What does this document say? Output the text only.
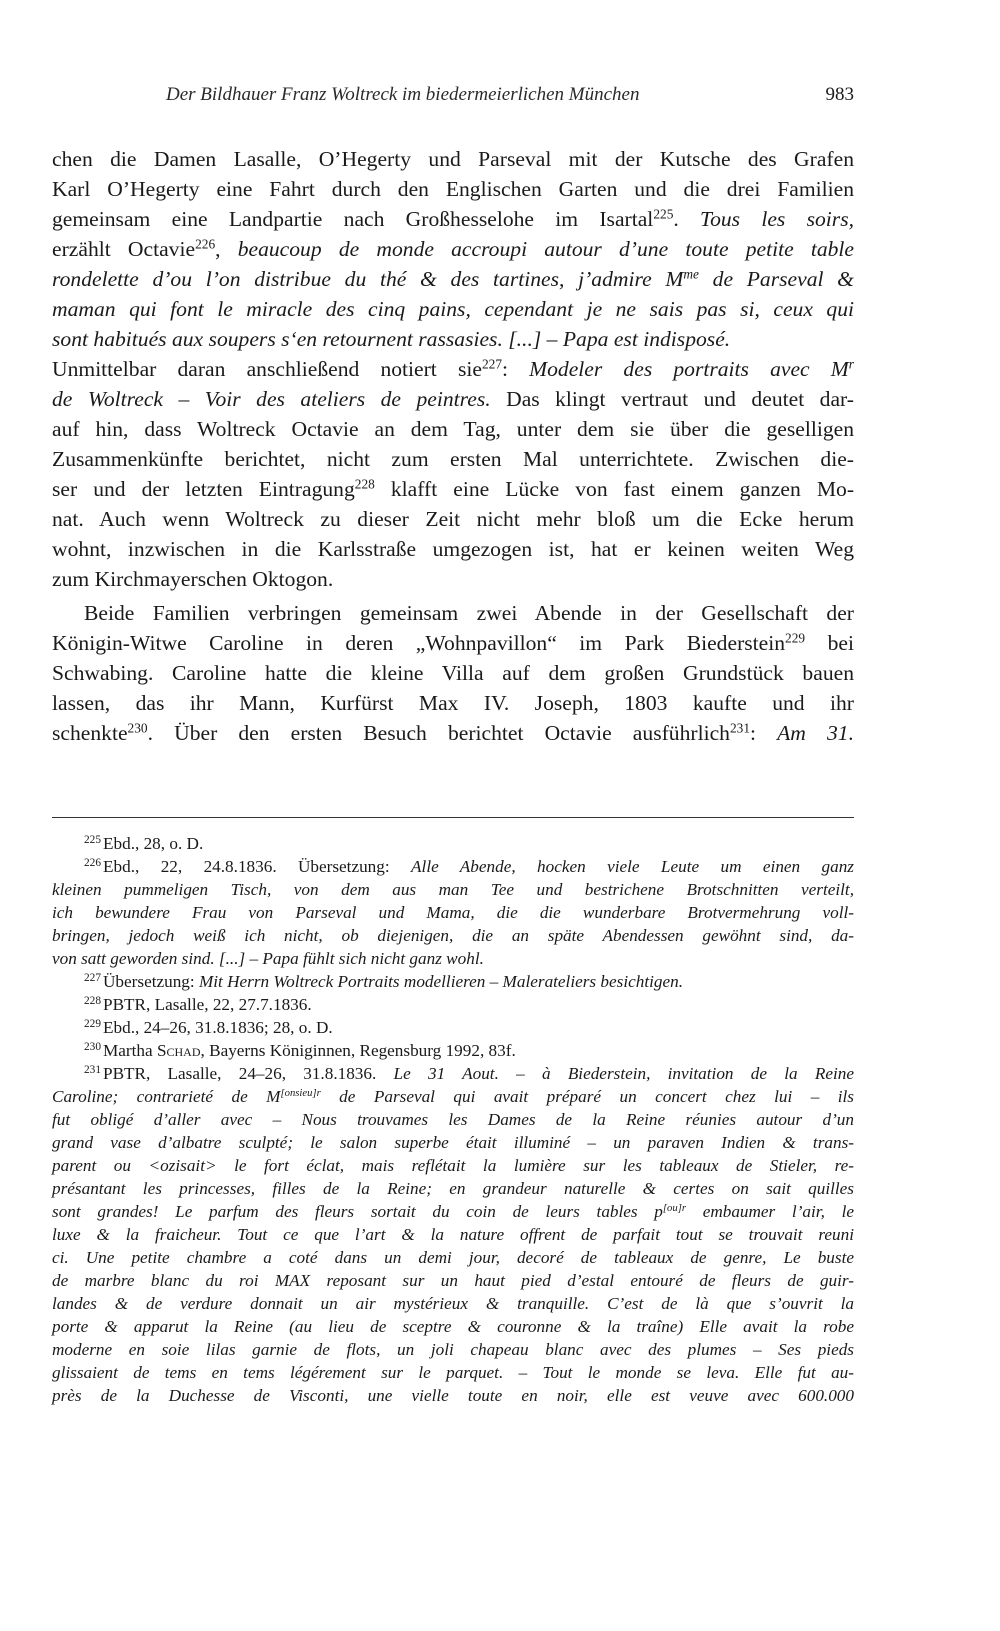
Der Bildhauer Franz Woltreck im biedermeierlichen München	983
chen die Damen Lasalle, O’Hegerty und Parseval mit der Kutsche des Grafen
Karl O’Hegerty eine Fahrt durch den Englischen Garten und die drei Familien
gemeinsam eine Landpartie nach Großhesselohe im Isartal$^{225}$. Tous les soirs,
erzählt Octavie$^{226}$, beaucoup de monde accroupi autour d’une toute petite table
rondelette d’ou l’on distribue du thé & des tartines, j’admire $M^{me}$ de Parseval &
maman qui font le miracle des cinq pains, cependant je ne sais pas si, ceux qui
sont habitués aux soupers s‘en retournent rassasies. [...] – Papa est indisposé.
Unmittelbar daran anschließend notiert sie$^{227}$: Modeler des portraits avec $M^r$
de Woltreck – Voir des ateliers de peintres. Das klingt vertraut und deutet dar-
auf hin, dass Woltreck Octavie an dem Tag, unter dem sie über die geselligen
Zusammenkünfte berichtet, nicht zum ersten Mal unterrichtete. Zwischen die-
ser und der letzten Eintragung$^{228}$ klafft eine Lücke von fast einem ganzen Mo-
nat. Auch wenn Woltreck zu dieser Zeit nicht mehr bloß um die Ecke herum
wohnt, inzwischen in die Karlsstraße umgezogen ist, hat er keinen weiten Weg
zum Kirchmayerschen Oktogon.
Beide Familien verbringen gemeinsam zwei Abende in der Gesellschaft der
Königin-Witwe Caroline in deren „Wohnpavillon“ im Park Biederstein$^{229}$ bei
Schwabing. Caroline hatte die kleine Villa auf dem großen Grundstück bauen
lassen, das ihr Mann, Kurfürst Max IV. Joseph, 1803 kaufte und ihr
schenkte$^{230}$. Über den ersten Besuch berichtet Octavie ausführlich$^{231}$: Am 31.
$^{225}$ Ebd., 28, o. D.
$^{226}$ Ebd., 22, 24.8.1836. Übersetzung: Alle Abende, hocken viele Leute um einen ganz
kleinen pummeligen Tisch, von dem aus man Tee und bestrichene Brotschnitten verteilt,
ich bewundere Frau von Parseval und Mama, die die wunderbare Brotvermehrung voll-
bringen, jedoch weiß ich nicht, ob diejenigen, die an späte Abendessen gewöhnt sind, da-
von satt geworden sind. [...] – Papa fühlt sich nicht ganz wohl.
$^{227}$ Übersetzung: Mit Herrn Woltreck Portraits modellieren – Malerateliers besichtigen.
$^{228}$ PBTR, Lasalle, 22, 27.7.1836.
$^{229}$ Ebd., 24–26, 31.8.1836; 28, o. D.
$^{230}$ Martha Schad, Bayerns Königinnen, Regensburg 1992, 83f.
$^{231}$ PBTR, Lasalle, 24–26, 31.8.1836. Le 31 Aout. – à Biederstein, invitation de la Reine
Caroline; contrarieté de $M^{[onsieu]r}$ de Parseval qui avait préparé un concert chez lui – ils
fut obligé d’aller avec – Nous trouvames les Dames de la Reine réunies autour d’un
grand vase d’albatre sculpté; le salon superbe était illuminé – un paraven Indien & trans-
parent ou <ozisait> le fort éclat, mais reflétait la lumière sur les tableaux de Stieler, re-
présantant les princesses, filles de la Reine; en grandeur naturelle & certes on sait quilles
sont grandes! Le parfum des fleurs sortait du coin de leurs tables $p^{[ou]r}$ embaumer l’air, le
luxe & la fraicheur. Tout ce que l’art & la nature offrent de parfait tout se trouvait reuni
ci. Une petite chambre a coté dans un demi jour, decoré de tableaux de genre, Le buste
de marbre blanc du roi MAX reposant sur un haut pied d’estal entouré de fleurs de guir-
landes & de verdure donnait un air mystérieux & tranquille. C’est de là que s’ouvrit la
porte & apparut la Reine (au lieu de sceptre & couronne & la traîne) Elle avait la robe
moderne en soie lilas garnie de flots, un joli chapeau blanc avec des plumes – Ses pieds
glissaient de tems en tems légérement sur le parquet. – Tout le monde se leva. Elle fut au-
près de la Duchesse de Visconti, une vielle toute en noir, elle est veuve avec 600.000
